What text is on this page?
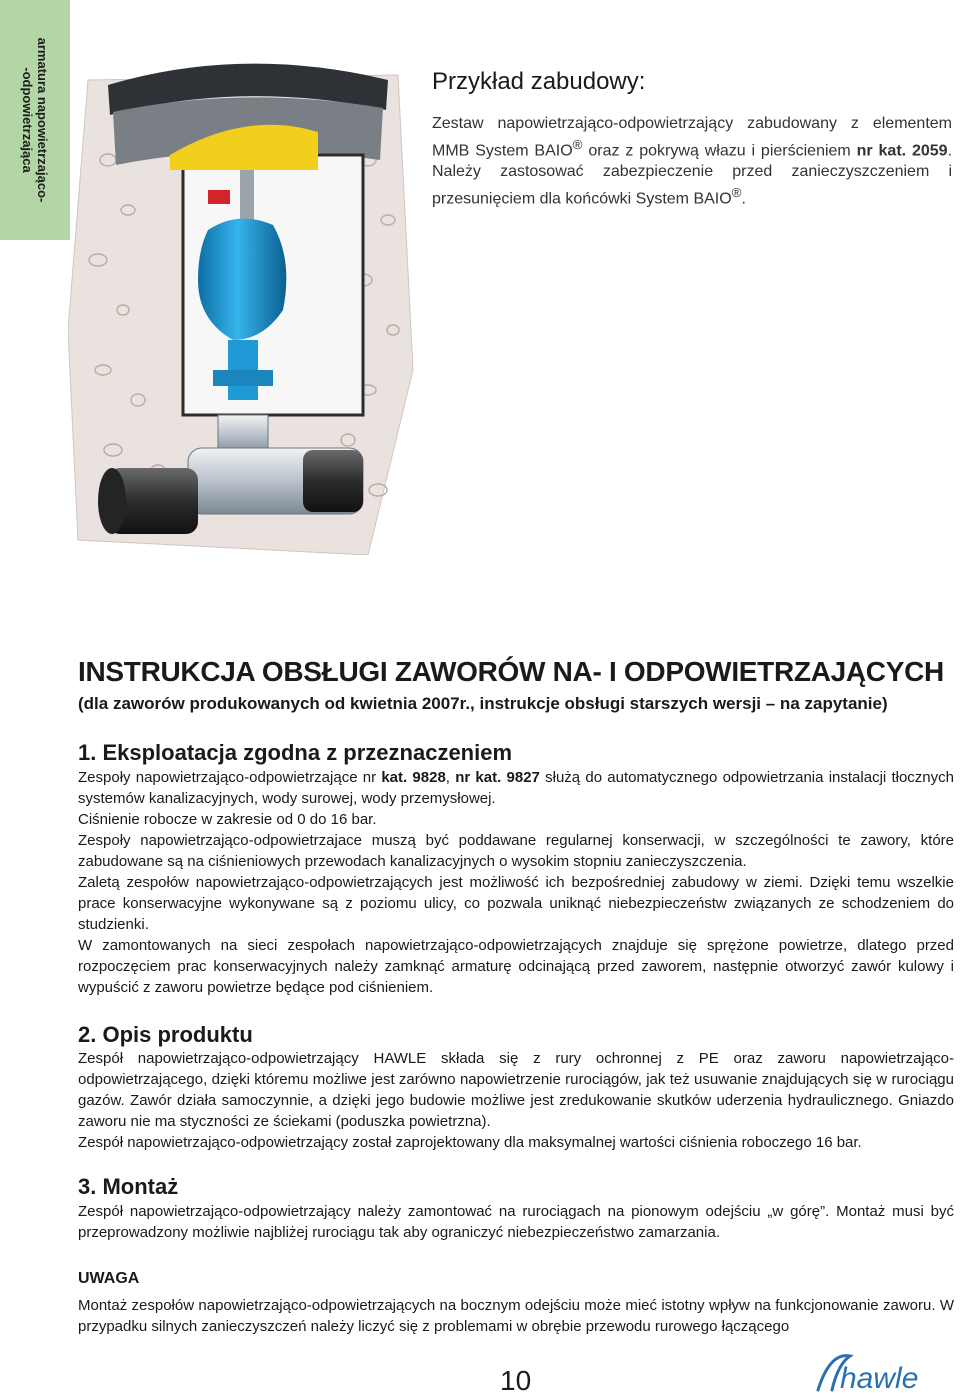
armatura napowietrzająco-
-odpowietrzająca	Przykład zabudowy:

Zestaw napowietrzająco-odpowietrzający zabudowany z elementem MMB System BAIO® oraz z pokrywą włazu i pierścieniem nr kat. 2059. Należy zastosować zabezpieczenie przed zanieczyszczeniem i przesunięciem dla końcówki System BAIO®.

INSTRUKCJA OBSŁUGI ZAWORÓW NA- I ODPOWIETRZAJĄCYCH

(dla zaworów produkowanych od kwietnia 2007r., instrukcje obsługi starszych wersji – na zapytanie)

1. Eksploatacja zgodna z przeznaczeniem

Zespoły napowietrzająco-odpowietrzające nr kat. 9828, nr kat. 9827 służą do automatycznego odpowietrzania instalacji tłocznych systemów kanalizacyjnych, wody surowej, wody przemysłowej.

Ciśnienie robocze w zakresie od 0 do 16 bar.

Zespoły napowietrzająco-odpowietrzajace muszą być poddawane regularnej konserwacji, w szczególności te zawory, które zabudowane są na ciśnieniowych przewodach kanalizacyjnych o wysokim stopniu zanieczyszczenia.

Zaletą zespołów napowietrzająco-odpowietrzających jest możliwość ich bezpośredniej zabudowy w ziemi. Dzięki temu wszelkie prace konserwacyjne wykonywane są z poziomu ulicy, co pozwala uniknąć niebezpieczeństw związanych ze schodzeniem do studzienki.

W zamontowanych na sieci zespołach napowietrzająco-odpowietrzających znajduje się sprężone powietrze, dlatego przed rozpoczęciem prac konserwacyjnych należy zamknąć armaturę odcinającą przed zaworem, następnie otworzyć zawór kulowy i wypuścić z zaworu powietrze będące pod ciśnieniem.

2. Opis produktu

Zespół napowietrzająco-odpowietrzający HAWLE składa się z rury ochronnej z PE oraz zaworu napowietrzająco-odpowietrzającego, dzięki któremu możliwe jest zarówno napowietrzenie rurociągów, jak też usuwanie znajdujących się w rurociągu gazów. Zawór działa samoczynnie, a dzięki jego budowie możliwe jest zredukowanie skutków uderzenia hydraulicznego. Gniazdo zaworu nie ma styczności ze ściekami (poduszka powietrzna).

Zespół napowietrzająco-odpowietrzający został zaprojektowany dla maksymalnej wartości ciśnienia roboczego 16 bar.

3. Montaż

Zespół napowietrzająco-odpowietrzający należy zamontować na rurociągach na pionowym odejściu „w górę”. Montaż musi być przeprowadzony możliwie najbliżej rurociągu tak aby ograniczyć niebezpieczeństwo zamarzania.

UWAGA

Montaż zespołów napowietrzająco-odpowietrzających na bocznym odejściu może mieć istotny wpływ na funkcjonowanie zaworu. W przypadku silnych zanieczyszczeń należy liczyć się z problemami w obrębie przewodu rurowego łączącego

10	hawle
